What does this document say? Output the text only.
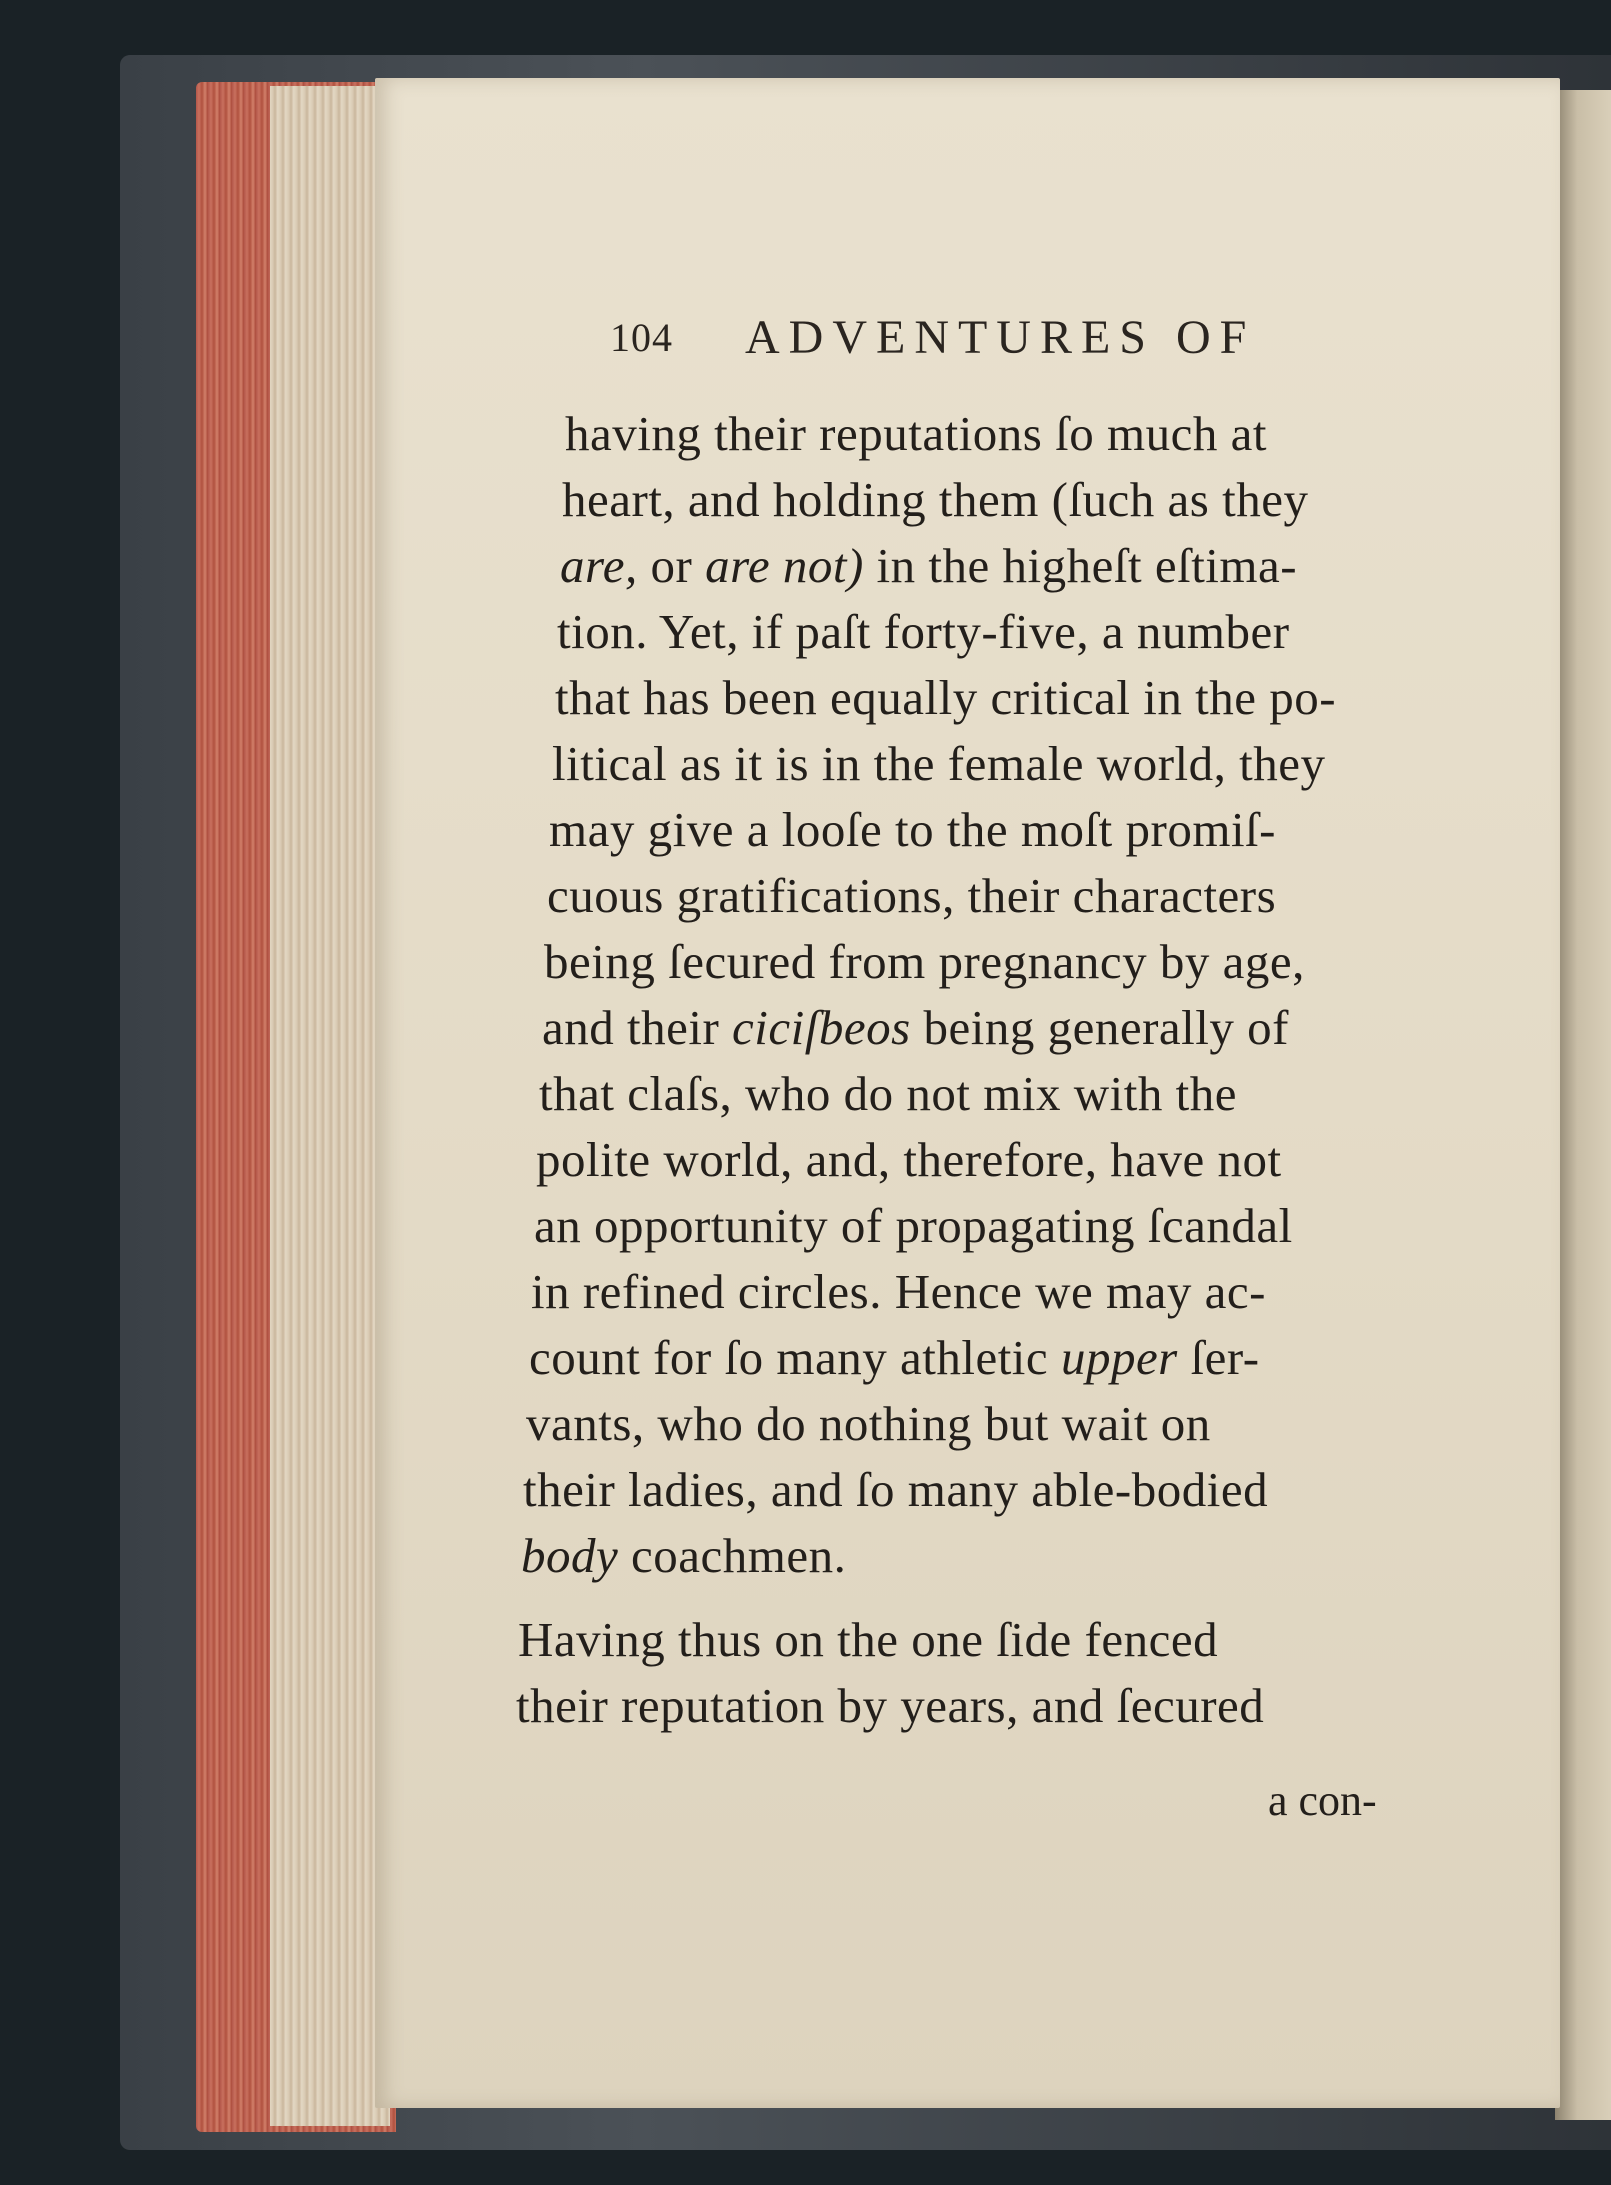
104 ADVENTURES OF
having their reputations ſo much at
heart, and holding them (ſuch as they
are, or are not) in the higheſt eſtima-
tion. Yet, if paſt forty-five, a number
that has been equally critical in the po-
litical as it is in the female world, they
may give a looſe to the moſt promiſ-
cuous gratifications, their characters
being ſecured from pregnancy by age,
and their ciciſbeos being generally of
that claſs, who do not mix with the
polite world, and, therefore, have not
an opportunity of propagating ſcandal
in refined circles. Hence we may ac-
count for ſo many athletic upper ſer-
vants, who do nothing but wait on
their ladies, and ſo many able-bodied
body coachmen.
Having thus on the one ſide fenced
their reputation by years, and ſecured
a con-
